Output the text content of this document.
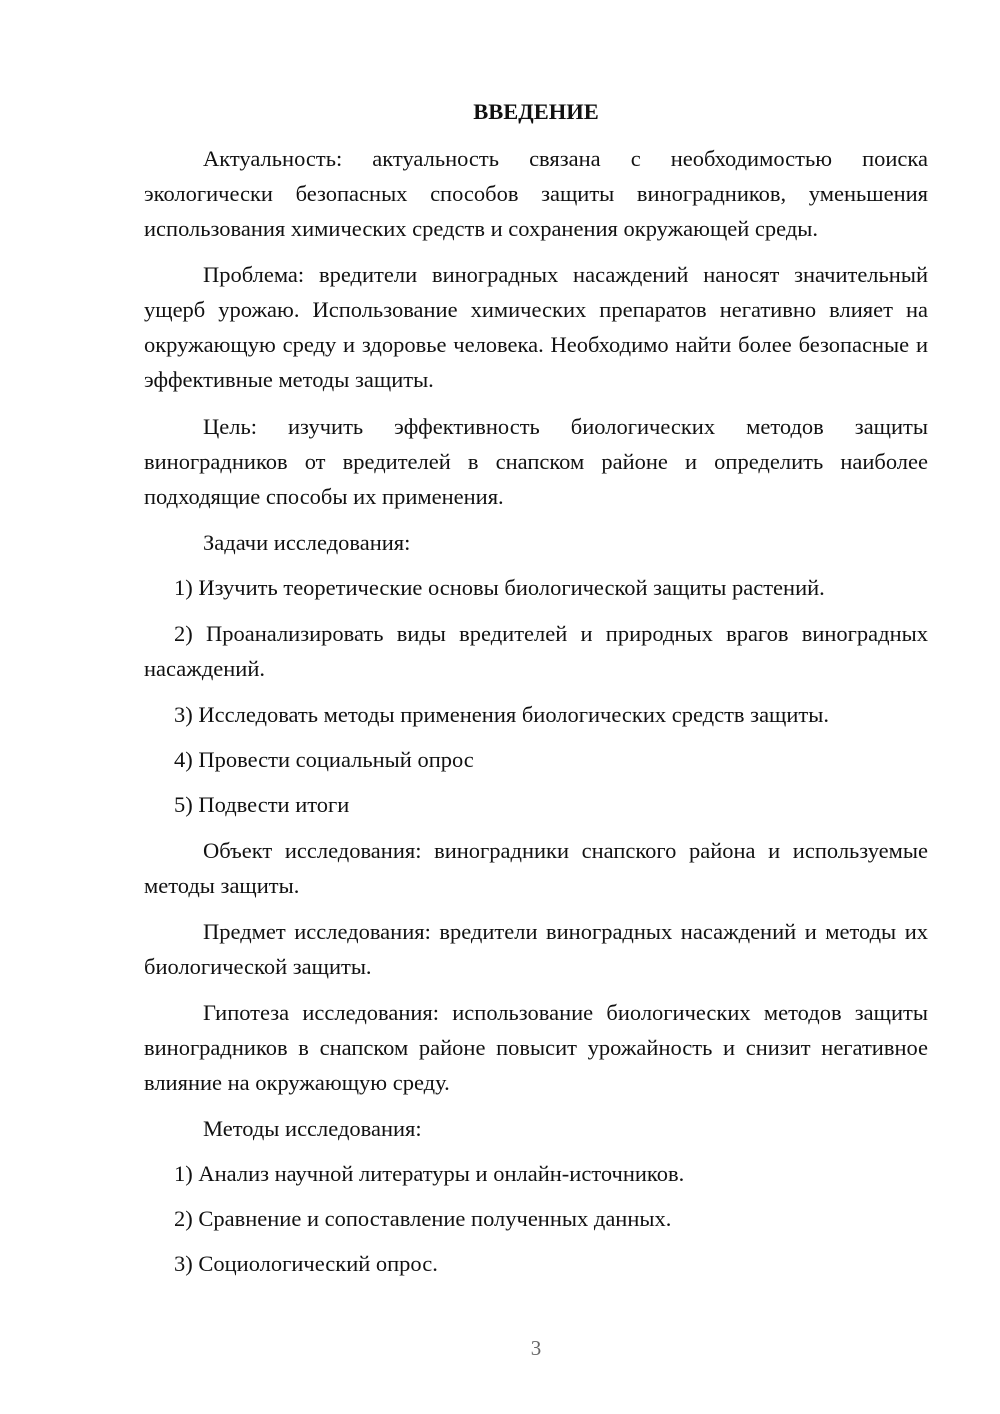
ВВЕДЕНИЕ

Актуальность: актуальность связана с необходимостью поиска экологически безопасных способов защиты виноградников, уменьшения использования химических средств и сохранения окружающей среды.

Проблема: вредители виноградных насаждений наносят значительный ущерб урожаю. Использование химических препаратов негативно влияет на окружающую среду и здоровье человека. Необходимо найти более безопасные и эффективные методы защиты.

Цель: изучить эффективность биологических методов защиты виноградников от вредителей в снапском районе и определить наиболее подходящие способы их применения.

Задачи исследования:

1) Изучить теоретические основы биологической защиты растений.

2) Проанализировать виды вредителей и природных врагов виноградных насаждений.

3) Исследовать методы применения биологических средств защиты.

4) Провести социальный опрос

5) Подвести итоги

Объект исследования: виноградники снапского района и используемые методы защиты.

Предмет исследования: вредители виноградных насаждений и методы их биологической защиты.

Гипотеза исследования: использование биологических методов защиты виноградников в снапском районе повысит урожайность и снизит негативное влияние на окружающую среду.

Методы исследования:

1) Анализ научной литературы и онлайн-источников.

2) Сравнение и сопоставление полученных данных.

3) Социологический опрос.

3
